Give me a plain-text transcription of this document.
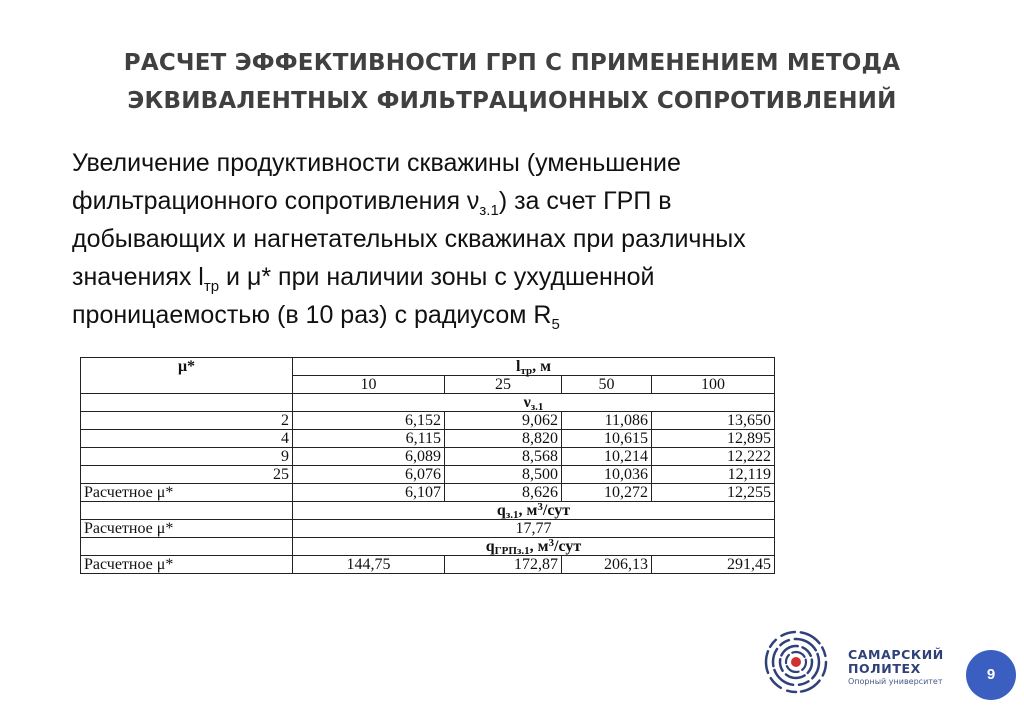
РАСЧЕТ ЭФФЕКТИВНОСТИ ГРП С ПРИМЕНЕНИЕМ МЕТОДА
ЭКВИВАЛЕНТНЫХ ФИЛЬТРАЦИОННЫХ СОПРОТИВЛЕНИЙ
Увеличение продуктивности скважины (уменьшение
фильтрационного сопротивления $\nu_{з.1}$) за счет ГРП в
добывающих и нагнетательных скважинах при различных
значениях $l_{тр}$ и μ* при наличии зоны с ухудшенной
проницаемостью (в 10 раз) с радиусом $R_5$
μ*	$l_{тр}$, м			
	10	25	50	100
	$\nu_{з.1}$
2	6,152	9,062	11,086	13,650
4	6,115	8,820	10,615	12,895
9	6,089	8,568	10,214	12,222
25	6,076	8,500	10,036	12,119
Расчетное μ*	6,107	8,626	10,272	12,255
	$q_{з.1}$, $м^3$/сут			
Расчетное μ*	17,77			
	$q_{ГРПз.1}$, $м^3$/сут			
Расчетное μ*	144,75	172,87	206,13	291,45
САМАРСКИЙ
ПОЛИТЕХ
Опорный университет	9
